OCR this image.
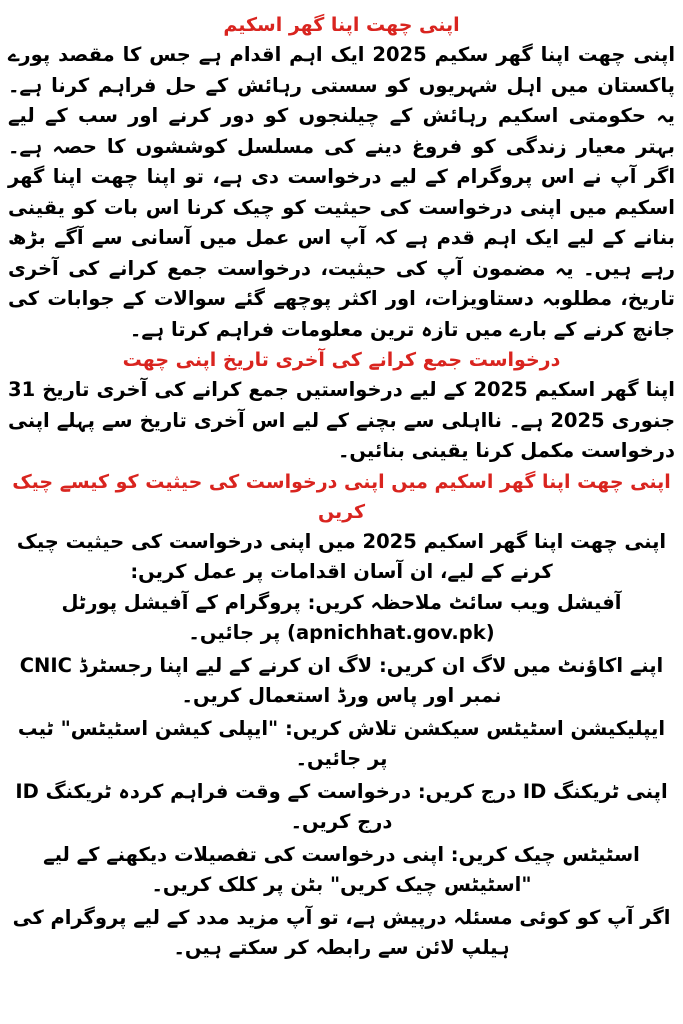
اپنی چھت اپنا گھر اسکیم

اپنی چھت اپنا گھر سکیم 2025 ایک اہم اقدام ہے جس کا مقصد پورے پاکستان میں اہل شہریوں کو سستی رہائش کے حل فراہم کرنا ہے۔ یہ حکومتی اسکیم رہائش کے چیلنجوں کو دور کرنے اور سب کے لیے بہتر معیار زندگی کو فروغ دینے کی مسلسل کوششوں کا حصہ ہے۔ اگر آپ نے اس پروگرام کے لیے درخواست دی ہے، تو اپنا چھت اپنا گھر اسکیم میں اپنی درخواست کی حیثیت کو چیک کرنا اس بات کو یقینی بنانے کے لیے ایک اہم قدم ہے کہ آپ اس عمل میں آسانی سے آگے بڑھ رہے ہیں۔ یہ مضمون آپ کی حیثیت، درخواست جمع کرانے کی آخری تاریخ، مطلوبہ دستاویزات، اور اکثر پوچھے گئے سوالات کے جوابات کی جانچ کرنے کے بارے میں تازہ ترین معلومات فراہم کرتا ہے۔

درخواست جمع کرانے کی آخری تاریخ اپنی چھت

اپنا گھر اسکیم 2025 کے لیے درخواستیں جمع کرانے کی آخری تاریخ 31 جنوری 2025 ہے۔ نااہلی سے بچنے کے لیے اس آخری تاریخ سے پہلے اپنی درخواست مکمل کرنا یقینی بنائیں۔

اپنی چھت اپنا گھر اسکیم میں اپنی درخواست کی حیثیت کو کیسے چیک کریں

اپنی چھت اپنا گھر اسکیم 2025 میں اپنی درخواست کی حیثیت چیک کرنے کے لیے، ان آسان اقدامات پر عمل کریں:

آفیشل ویب سائٹ ملاحظہ کریں: پروگرام کے آفیشل پورٹل (apnichhat.gov.pk) پر جائیں۔

اپنے اکاؤنٹ میں لاگ ان کریں: لاگ ان کرنے کے لیے اپنا رجسٹرڈ CNIC نمبر اور پاس ورڈ استعمال کریں۔

ایپلیکیشن اسٹیٹس سیکشن تلاش کریں: "ایپلی کیشن اسٹیٹس" ٹیب پر جائیں۔

اپنی ٹریکنگ ID درج کریں: درخواست کے وقت فراہم کردہ ٹریکنگ ID درج کریں۔

اسٹیٹس چیک کریں: اپنی درخواست کی تفصیلات دیکھنے کے لیے "اسٹیٹس چیک کریں" بٹن پر کلک کریں۔

اگر آپ کو کوئی مسئلہ درپیش ہے، تو آپ مزید مدد کے لیے پروگرام کی ہیلپ لائن سے رابطہ کر سکتے ہیں۔
